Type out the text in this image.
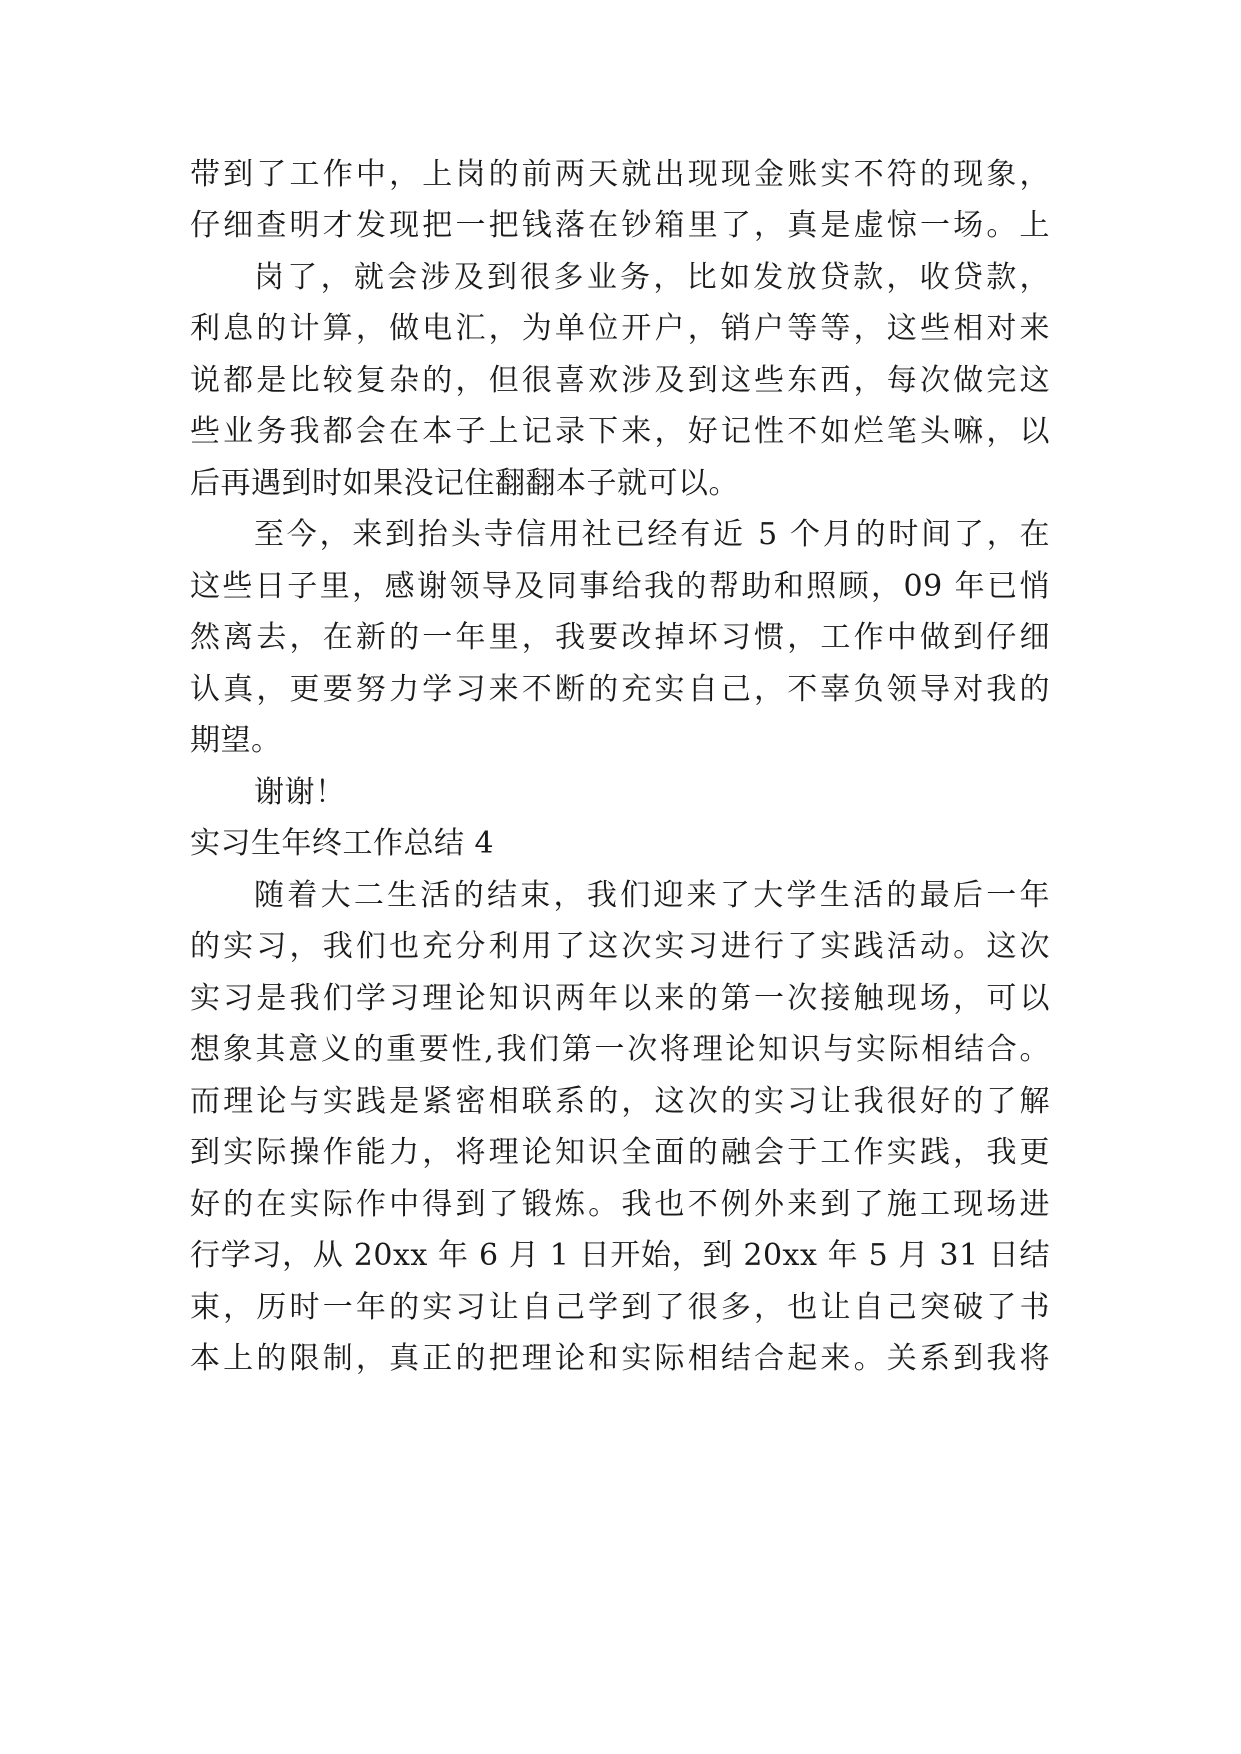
带到了工作中，上岗的前两天就出现现金账实不符的现象，
仔细查明才发现把一把钱落在钞箱里了，真是虚惊一场。上
岗了，就会涉及到很多业务，比如发放贷款，收贷款，
利息的计算，做电汇，为单位开户，销户等等，这些相对来
说都是比较复杂的，但很喜欢涉及到这些东西，每次做完这
些业务我都会在本子上记录下来，好记性不如烂笔头嘛，以
后再遇到时如果没记住翻翻本子就可以。
至今，来到抬头寺信用社已经有近 5 个月的时间了，在
这些日子里，感谢领导及同事给我的帮助和照顾，09 年已悄
然离去，在新的一年里，我要改掉坏习惯，工作中做到仔细
认真，更要努力学习来不断的充实自己，不辜负领导对我的
期望。
谢谢！
实习生年终工作总结 4
随着大二生活的结束，我们迎来了大学生活的最后一年
的实习，我们也充分利用了这次实习进行了实践活动。这次
实习是我们学习理论知识两年以来的第一次接触现场，可以
想象其意义的重要性,我们第一次将理论知识与实际相结合。
而理论与实践是紧密相联系的，这次的实习让我很好的了解
到实际操作能力，将理论知识全面的融会于工作实践，我更
好的在实际作中得到了锻炼。我也不例外来到了施工现场进
行学习，从 20xx 年 6 月 1 日开始，到 20xx 年 5 月 31 日结
束，历时一年的实习让自己学到了很多，也让自己突破了书
本上的限制，真正的把理论和实际相结合起来。关系到我将
